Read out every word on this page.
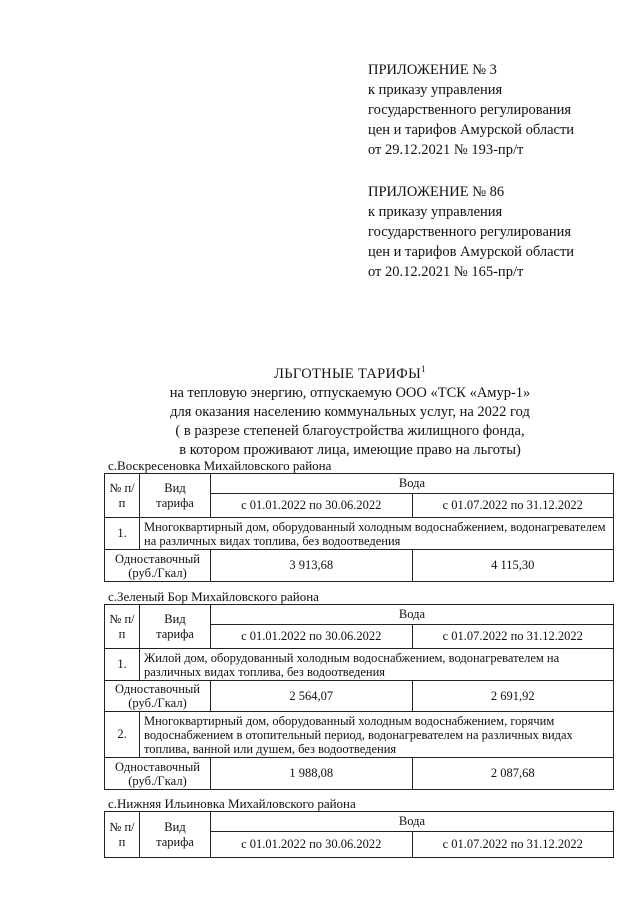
ПРИЛОЖЕНИЕ № 3
к приказу управления
государственного регулирования
цен и тарифов Амурской области
от 29.12.2021 № 193-пр/т
ПРИЛОЖЕНИЕ № 86
к приказу управления
государственного регулирования
цен и тарифов Амурской области
от 20.12.2021 № 165-пр/т
ЛЬГОТНЫЕ ТАРИФЫ$^1$
на тепловую энергию, отпускаемую ООО «ТСК «Амур-1»
для оказания населению коммунальных услуг, на 2022 год
( в разрезе степеней благоустройства жилищного фонда,
в котором проживают лица, имеющие право на льготы)
с.Воскресеновка Михайловского района
№ п/п	Вид тарифа	Вода	
		с 01.01.2022 по 30.06.2022	с 01.07.2022 по 31.12.2022
1.	Многоквартирный дом, оборудованный холодным водоснабжением, водонагревателем на различных видах топлива, без водоотведения		
Одноставочный (руб./Гкал)		3 913,68	4 115,30
с.Зеленый Бор Михайловского района
№ п/п	Вид тарифа	Вода	
		с 01.01.2022 по 30.06.2022	с 01.07.2022 по 31.12.2022
1.	Жилой дом, оборудованный холодным водоснабжением, водонагревателем на различных видах топлива, без водоотведения		
Одноставочный (руб./Гкал)		2 564,07	2 691,92
2.	Многоквартирный дом, оборудованный холодным водоснабжением, горячим водоснабжением в отопительный период, водонагревателем на различных видах топлива, ванной или душем, без водоотведения		
Одноставочный (руб./Гкал)		1 988,08	2 087,68
с.Нижняя Ильиновка Михайловского района
№ п/п	Вид тарифа	Вода	
		с 01.01.2022 по 30.06.2022	с 01.07.2022 по 31.12.2022
